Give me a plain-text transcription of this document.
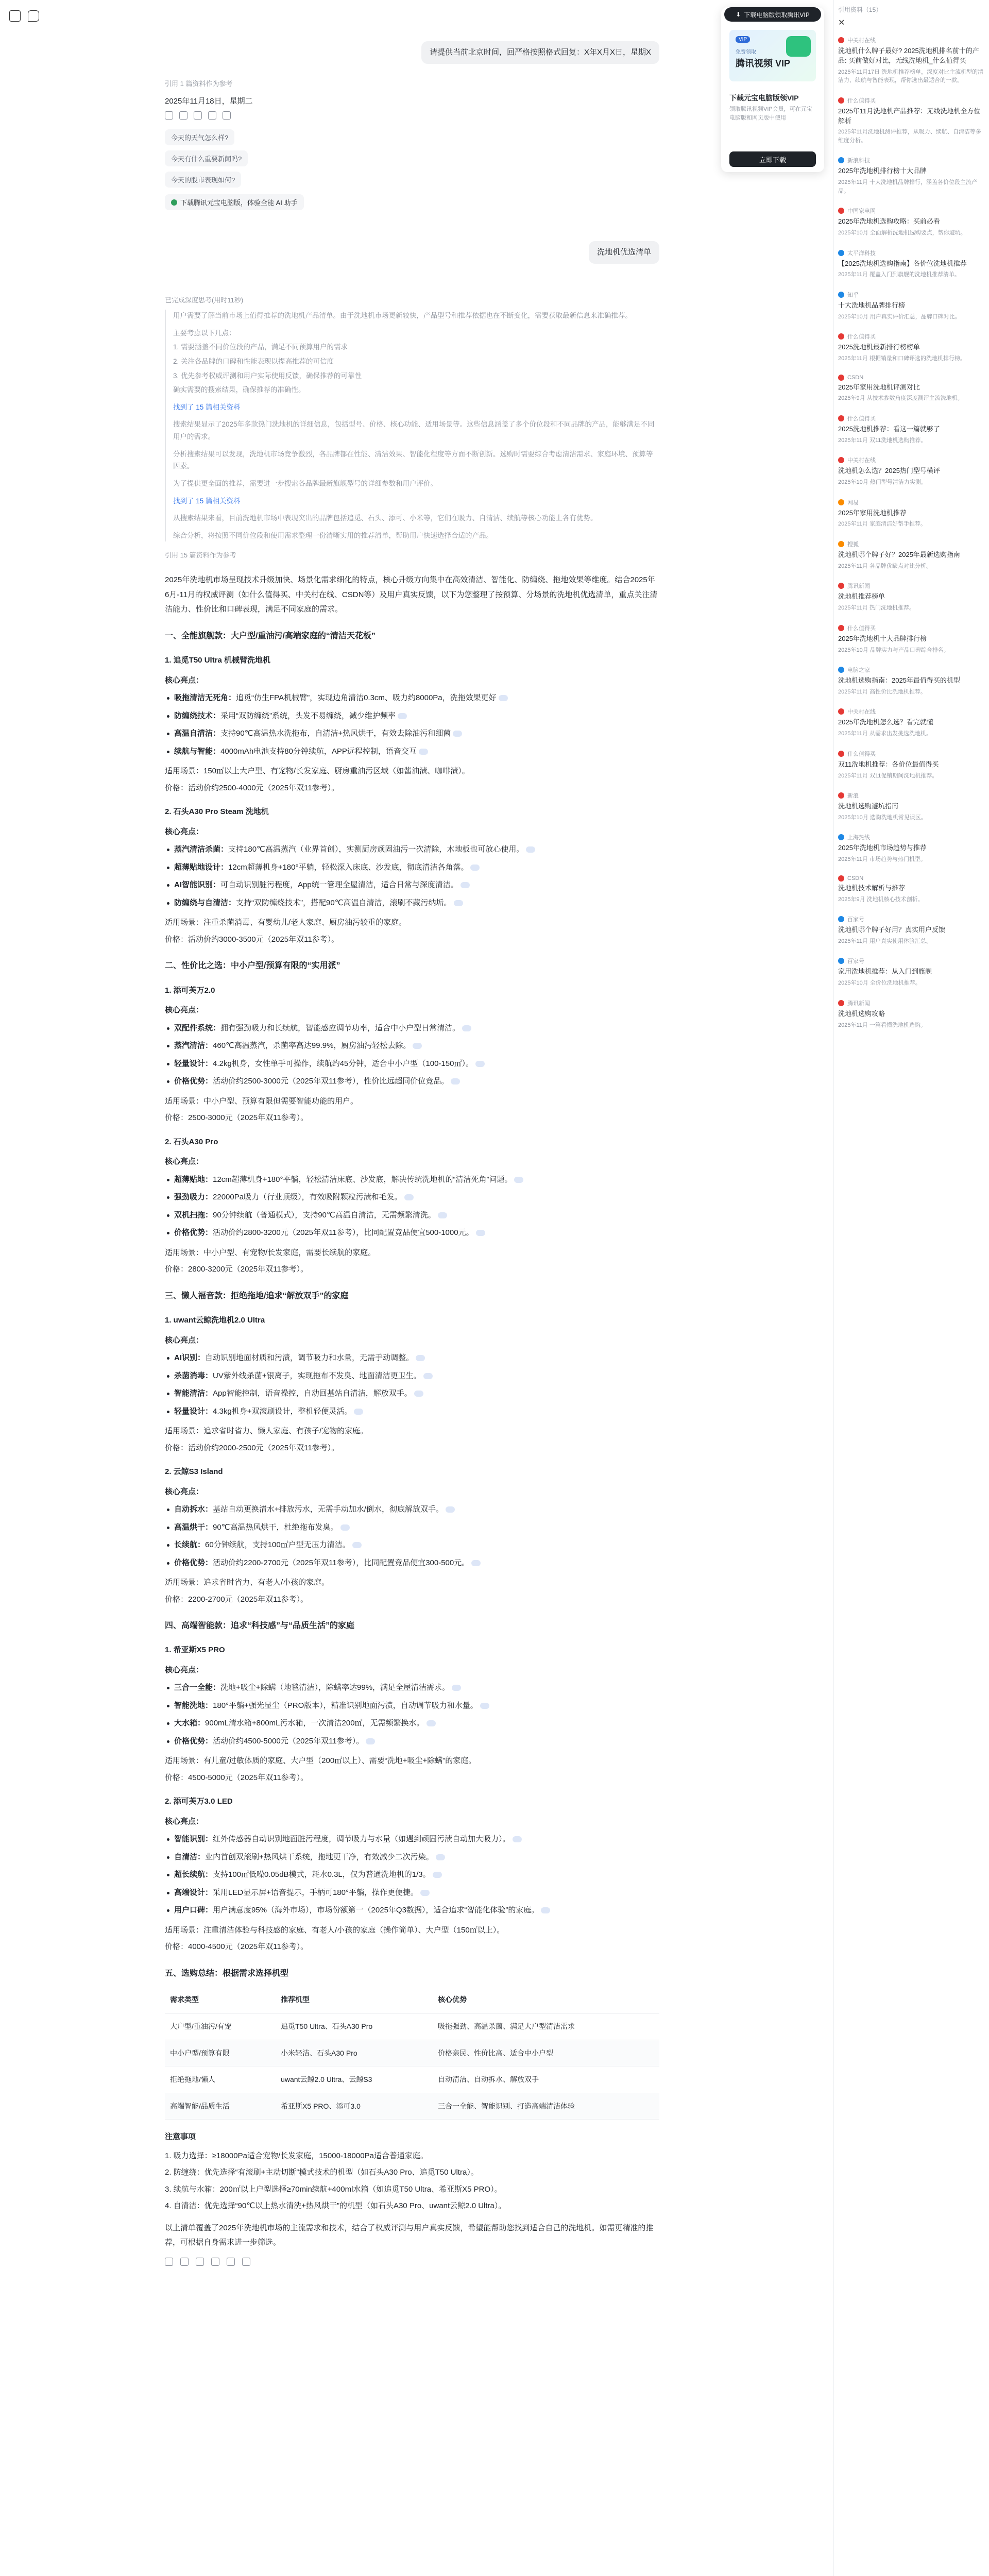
请提供当前北京时间，回严格按照格式回复：X年X月X日，星期X
引用 1 篇资料作为参考
2025年11月18日，星期二
今天的天气怎么样?
今天有什么重要新闻吗?
今天的股市表现如何?
下载腾讯元宝电脑版，体验全能 AI 助手
洗地机优选清单
已完成深度思考(用时11秒)

用户需要了解当前市场上值得推荐的洗地机产品清单。由于洗地机市场更新较快，产品型号和推荐依据也在不断变化，需要获取最新信息来准确推荐。

主要考虑以下几点：

1. 需要涵盖不同价位段的产品，满足不同预算用户的需求

2. 关注各品牌的口碑和性能表现以提高推荐的可信度

3. 优先参考权威评测和用户实际使用反馈，确保推荐的可靠性

确实需要的搜索结果，确保推荐的准确性。

找到了 15 篇相关资料

搜索结果显示了2025年多款热门洗地机的详细信息，包括型号、价格、核心功能、适用场景等。这些信息涵盖了多个价位段和不同品牌的产品，能够满足不同用户的需求。

分析搜索结果可以发现，洗地机市场竞争激烈，各品牌都在性能、清洁效果、智能化程度等方面不断创新。选购时需要综合考虑清洁需求、家庭环境、预算等因素。

为了提供更全面的推荐，需要进一步搜索各品牌最新旗舰型号的详细参数和用户评价。

找到了 15 篇相关资料

从搜索结果来看，目前洗地机市场中表现突出的品牌包括追觅、石头、添可、小米等，它们在吸力、自清洁、续航等核心功能上各有优势。

综合分析，将按照不同价位段和使用需求整理一份清晰实用的推荐清单，帮助用户快速选择合适的产品。

引用 15 篇资料作为参考

2025年洗地机市场呈现技术升级加快、场景化需求细化的特点，核心升级方向集中在高效清洁、智能化、防缠绕、拖地效果等维度。结合2025年6月-11月的权威评测（如什么值得买、中关村在线、CSDN等）及用户真实反馈，以下为您整理了按预算、分场景的洗地机优选清单，重点关注清洁能力、性价比和口碑表现，满足不同家庭的需求。

一、全能旗舰款：大户型/重油污/高端家庭的“清洁天花板”
1. 追觅T50 Ultra 机械臂洗地机
核心亮点：
吸拖清洁无死角：追觅“仿生FPA机械臂”，实现边角清洁0.3cm、吸力约8000Pa，洗拖效果更好
防缠绕技术：采用“双防缠绕”系统，头发不易缠绕，减少维护频率
高温自清洁：支持90℃高温热水洗拖布，自清洁+热风烘干，有效去除油污和细菌
续航与智能：4000mAh电池支持80分钟续航，APP远程控制，语音交互

适用场景：150㎡以上大户型、有宠物/长发家庭、厨房重油污区域（如酱油渍、咖啡渍）。

价格：活动价约2500-4000元（2025年双11参考）。

2. 石头A30 Pro Steam 洗地机
核心亮点：
蒸汽清洁杀菌：支持180℃高温蒸汽（业界首创），实测厨房顽固油污一次清除，木地板也可放心使用。
超薄贴地设计：12cm超薄机身+180°平躺，轻松深入床底、沙发底，彻底清洁各角落。
AI智能识别：可自动识别脏污程度，App统一管理全屋清洁，适合日常与深度清洁。
防缠绕与自清洁：支持“双防缠绕技术”，搭配90℃高温自清洁，滚刷不藏污纳垢。

适用场景：注重杀菌消毒、有婴幼儿/老人家庭、厨房油污较重的家庭。

价格：活动价约3000-3500元（2025年双11参考）。

二、性价比之选：中小户型/预算有限的“实用派”
1. 添可芙万2.0
核心亮点：
双配件系统：拥有强劲吸力和长续航，智能感应调节功率，适合中小户型日常清洁。
蒸汽清洁：460℃高温蒸汽，杀菌率高达99.9%，厨房油污轻松去除。
轻量设计：4.2kg机身，女性单手可操作，续航约45分钟，适合中小户型（100-150㎡）。
价格优势：活动价约2500-3000元（2025年双11参考），性价比远超同价位竞品。

适用场景：中小户型、预算有限但需要智能功能的用户。

价格：2500-3000元（2025年双11参考）。

2. 石头A30 Pro
核心亮点：
超薄贴地：12cm超薄机身+180°平躺，轻松清洁床底、沙发底，解决传统洗地机的“清洁死角”问题。
强劲吸力：22000Pa吸力（行业顶级），有效吸附颗粒污渍和毛发。
双机扫拖：90分钟续航（普通模式），支持90℃高温自清洁，无需频繁清洗。
价格优势：活动价约2800-3200元（2025年双11参考），比同配置竞品便宜500-1000元。

适用场景：中小户型、有宠物/长发家庭，需要长续航的家庭。

价格：2800-3200元（2025年双11参考）。

三、懒人福音款：拒绝拖地/追求“解放双手”的家庭
1. uwant云鲸洗地机2.0 Ultra
核心亮点：
AI识别：自动识别地面材质和污渍，调节吸力和水量，无需手动调整。
杀菌消毒：UV紫外线杀菌+银离子，实现拖布不发臭、地面清洁更卫生。
智能清洁：App智能控制，语音操控，自动回基站自清洁，解放双手。
轻量设计：4.3kg机身+双滚刷设计，整机轻便灵活。

适用场景：追求省时省力、懒人家庭、有孩子/宠物的家庭。

价格：活动价约2000-2500元（2025年双11参考）。

2. 云鲸S3 Island
核心亮点：
自动拆水：基站自动更换清水+排放污水，无需手动加水/倒水，彻底解放双手。
高温烘干：90℃高温热风烘干，杜绝拖布发臭。
长续航：60分钟续航，支持100㎡户型无压力清洁。
价格优势：活动价约2200-2700元（2025年双11参考），比同配置竞品便宜300-500元。

适用场景：追求省时省力、有老人/小孩的家庭。

价格：2200-2700元（2025年双11参考）。

四、高端智能款：追求“科技感”与“品质生活”的家庭
1. 希亚斯X5 PRO
核心亮点：
三合一全能：洗地+吸尘+除螨（地毯清洁），除螨率达99%，满足全屋清洁需求。
智能洗地：180°平躺+强光显尘（PRO版本），精准识别地面污渍，自动调节吸力和水量。
大水箱：900mL清水箱+800mL污水箱，一次清洁200㎡，无需频繁换水。
价格优势：活动价约4500-5000元（2025年双11参考）。

适用场景：有儿童/过敏体质的家庭、大户型（200㎡以上）、需要“洗地+吸尘+除螨”的家庭。

价格：4500-5000元（2025年双11参考）。

2. 添可芙万3.0 LED
核心亮点：
智能识别：红外传感器自动识别地面脏污程度，调节吸力与水量（如遇到顽固污渍自动加大吸力）。
自清洁：业内首创双滚刷+热风烘干系统，拖地更干净，有效减少二次污染。
超长续航：支持100㎡低噪0.05dB模式，耗水0.3L，仅为普通洗地机的1/3。
高端设计：采用LED显示屏+语音提示，手柄可180°平躺，操作更便捷。
用户口碑：用户满意度95%（海外市场），市场份额第一（2025年Q3数据），适合追求“智能化体验”的家庭。

适用场景：注重清洁体验与科技感的家庭、有老人/小孩的家庭（操作简单）、大户型（150㎡以上）。

价格：4000-4500元（2025年双11参考）。

五、选购总结：根据需求选择机型
需求类型	推荐机型	核心优势
大户型/重油污/有宠	追觅T50 Ultra、石头A30 Pro	吸拖强劲、高温杀菌、满足大户型清洁需求
中小户型/预算有限	小米轻洁、石头A30 Pro	价格亲民、性价比高、适合中小户型
拒绝拖地/懒人	uwant云鲸2.0 Ultra、云鲸S3	自动清洁、自动拆水、解放双手
高端智能/品质生活	希亚斯X5 PRO、添可3.0	三合一全能、智能识别、打造高端清洁体验
注意事项

1. 吸力选择：≥18000Pa适合宠物/长发家庭，15000-18000Pa适合普通家庭。

2. 防缠绕：优先选择“有滚刷+主动切断”模式技术的机型（如石头A30 Pro、追觅T50 Ultra）。

3. 续航与水箱：200㎡以上户型选择≥70min续航+400ml水箱（如追觅T50 Ultra、希亚斯X5 PRO）。

4. 自清洁：优先选择“90℃以上热水清洗+热风烘干”的机型（如石头A30 Pro、uwant云鲸2.0 Ultra）。

以上清单覆盖了2025年洗地机市场的主流需求和技术，结合了权威评测与用户真实反馈，希望能帮助您找到适合自己的洗地机。如需更精准的推荐，可根据自身需求进一步筛选。

⬇ 下载电脑版领取腾讯VIP
VIP
免费领取
腾讯视频 VIP
下载元宝电脑版领VIP
领取腾讯视频VIP会员，可在元宝电脑版和网页版中使用
立即下载
引用资料（15）
✕
中关村在线
洗地机什么牌子最好? 2025洗地机排名前十的产品: 买前做好对比，无线洗地机_什么值得买
2025年11月17日 洗地机推荐榜单，深度对比主流机型的清洁力、续航与智能表现，帮你选出最适合的一款。
什么值得买
2025年11月洗地机产品推荐：无线洗地机全方位解析
2025年11月洗地机测评推荐，从吸力、续航、自清洁等多维度分析。
新浪科技
2025年洗地机排行榜十大品牌
2025年11月 十大洗地机品牌排行，涵盖各价位段主流产品。
中国家电网
2025年洗地机选购攻略：买前必看
2025年10月 全面解析洗地机选购要点，帮你避坑。
太平洋科技
【2025洗地机选购指南】各价位洗地机推荐
2025年11月 覆盖入门到旗舰的洗地机推荐清单。
知乎
十大洗地机品牌排行榜
2025年10月 用户真实评价汇总，品牌口碑对比。
什么值得买
2025洗地机最新排行榜榜单
2025年11月 根据销量和口碑评选的洗地机排行榜。
CSDN
2025年家用洗地机评测对比
2025年9月 从技术参数角度深度测评主流洗地机。
什么值得买
2025洗地机推荐：看这一篇就够了
2025年11月 双11洗地机选购推荐。
中关村在线
洗地机怎么选？2025热门型号横评
2025年10月 热门型号清洁力实测。
网易
2025年家用洗地机推荐
2025年11月 家庭清洁好帮手推荐。
搜狐
洗地机哪个牌子好？2025年最新选购指南
2025年11月 各品牌优缺点对比分析。
腾讯新闻
洗地机推荐榜单
2025年11月 热门洗地机推荐。
什么值得买
2025年洗地机十大品牌排行榜
2025年10月 品牌实力与产品口碑综合排名。
电脑之家
洗地机选购指南：2025年最值得买的机型
2025年11月 高性价比洗地机推荐。
中关村在线
2025年洗地机怎么选？看完就懂
2025年11月 从需求出发挑选洗地机。
什么值得买
双11洗地机推荐：各价位最值得买
2025年11月 双11促销期间洗地机推荐。
新浪
洗地机选购避坑指南
2025年10月 选购洗地机常见误区。
上海热线
2025年洗地机市场趋势与推荐
2025年11月 市场趋势与热门机型。
CSDN
洗地机技术解析与推荐
2025年9月 洗地机核心技术剖析。
百家号
洗地机哪个牌子好用？真实用户反馈
2025年11月 用户真实使用体验汇总。
百家号
家用洗地机推荐：从入门到旗舰
2025年10月 全价位洗地机推荐。
腾讯新闻
洗地机选购攻略
2025年11月 一篇看懂洗地机选购。
